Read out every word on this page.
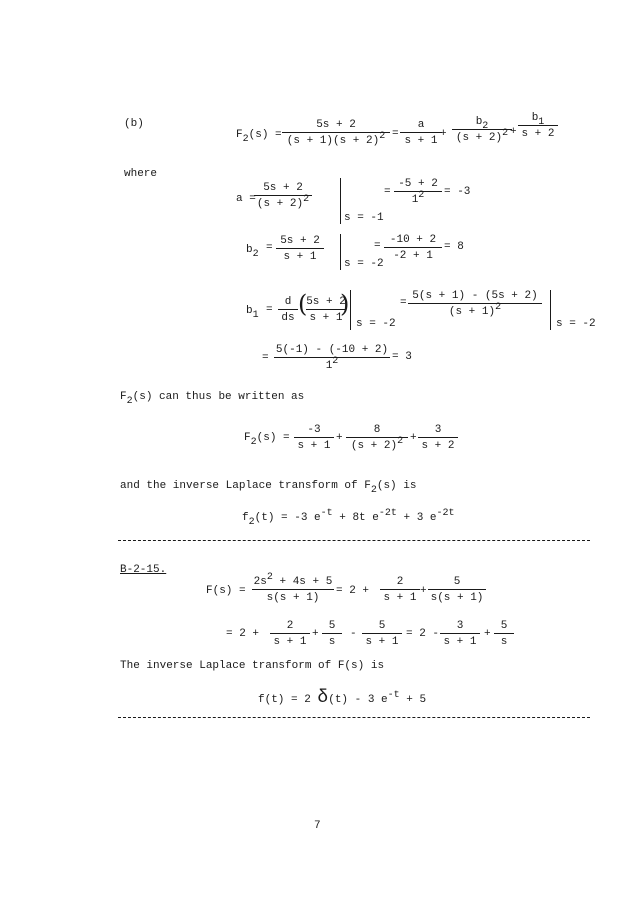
(b)
$F_2(s)$ =
5s + 2
$(s + 1)(s + 2)^2$ =
a
s + 1
+
$b_2$
$(s + 2)^2$ +
$b_1$
s + 2
where
a =
5s + 2
$(s + 2)^2$
s = -1
=
-5 + 2
$1^2 = -3$
$b_2$
=
5s + 2
s + 1
s = -2
= -10 + 2
-2 + 1
= 8
$b_1$ =
d
ds (
5s + 2
s + 1
)
s = -2
=
5(s + 1) - (5s + 2)
$(s + 1)^2$
s = -2
=
5(-1) - (-10 + 2)
$1^2$	= 3
$F_2(s)$ can thus be written as
$F_2(s)$ =
-3
s + 1
+
8
$(s + 2)^2$ +
3
s + 2
and the inverse Laplace transform of $F_2(s)$ is
$f_2(t) = -3$ $e^{-t} + 8t$ $e^{-2t} + 3$ $e^{-2t}$
B-2-15.
F(s) =
$2s^2 + 4s + 5$
s(s + 1)
= 2 +
2
s + 1
+
5
s(s + 1)
= 2 +
2
s + 1
+
5
s
-
5
s + 1
= 2 -
3
s + 1
+
5
s
The inverse Laplace transform of F(s) is
f(t) = 2 δ(t) - 3 $e^{-t} + 5$
7
